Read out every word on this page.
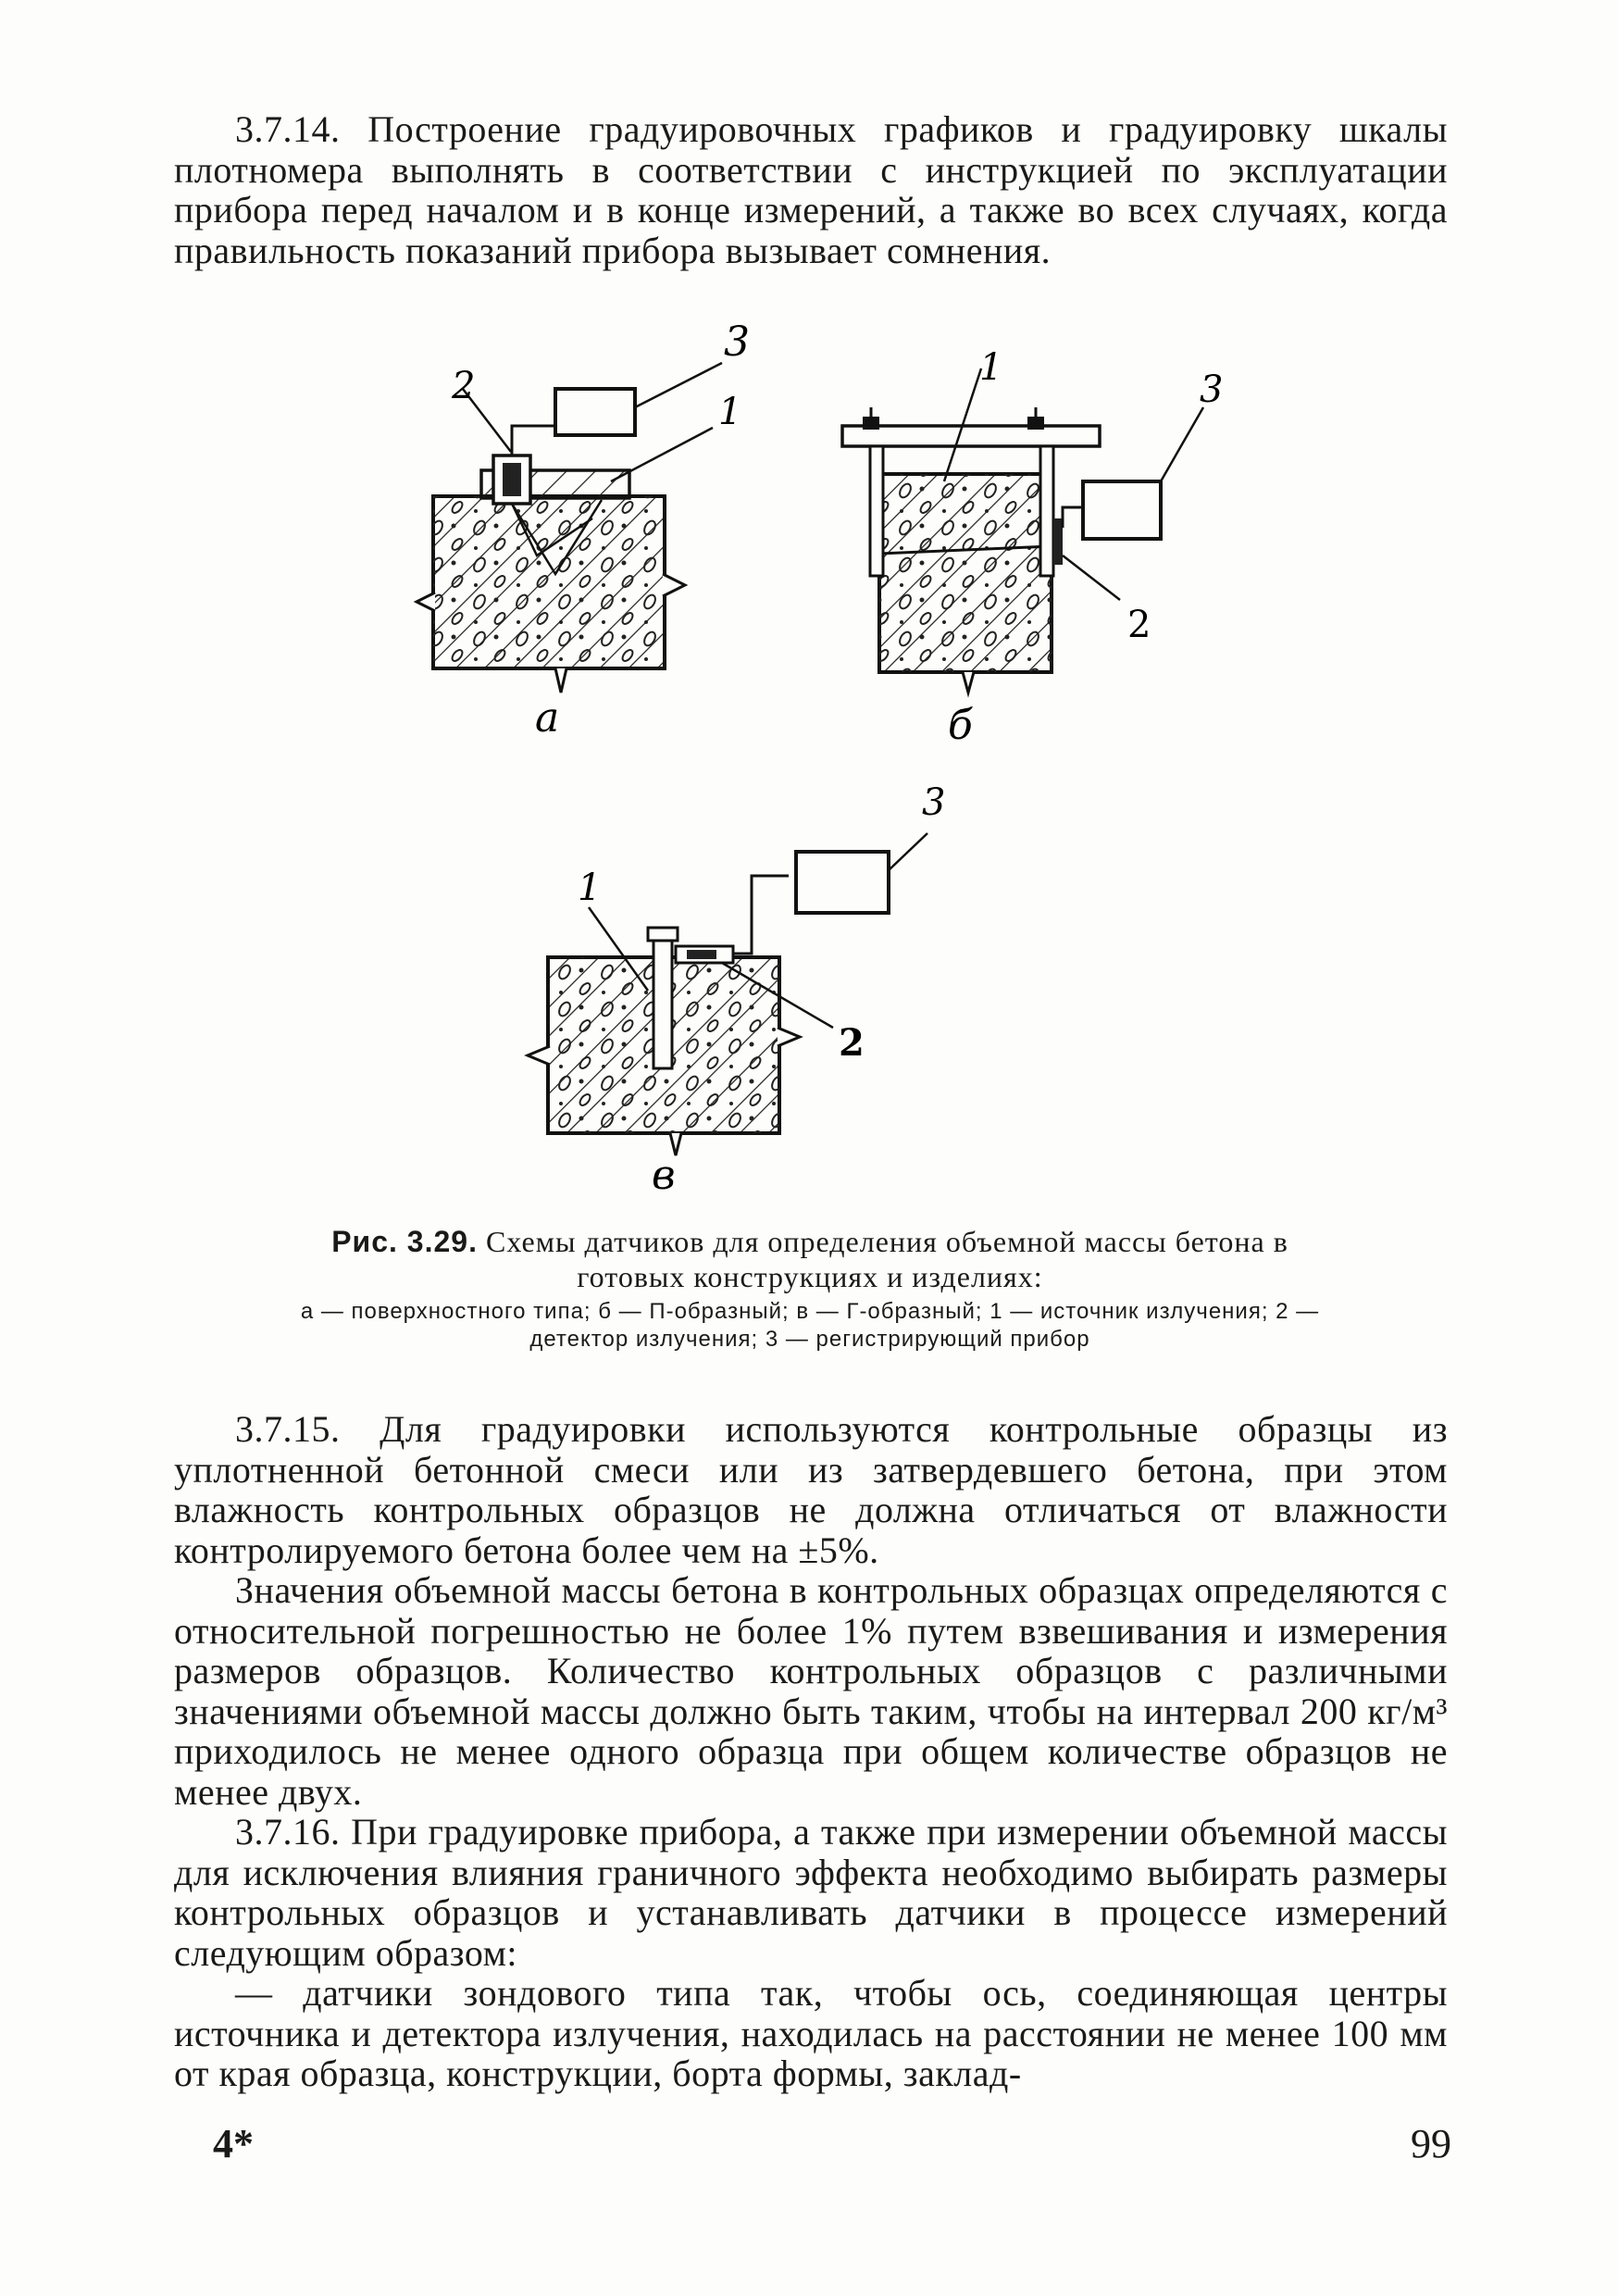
3.7.14. Построение градуировочных графиков и градуировку шкалы плотномера выполнять в соответствии с инструкцией по эксплуатации прибора перед началом и в конце измерений, а также во всех случаях, когда правильность показаний прибора вызывает сомнения.

3
2
1
а
1
3
2
б
3
1
2
в
Рис. 3.29. Схемы датчиков для определения объемной массы бетона в готовых конструкциях и изделиях:
а — поверхностного типа; б — П-образный; в — Г-образный; 1 — источник излучения; 2 — детектор излучения; 3 — регистрирующий прибор

3.7.15. Для градуировки используются контрольные образцы из уплотненной бетонной смеси или из затвердевшего бетона, при этом влажность контрольных образцов не должна отличаться от влажности контролируемого бетона более чем на ±5%.

Значения объемной массы бетона в контрольных образцах определяются с относительной погрешностью не более 1% путем взвешивания и измерения размеров образцов. Количество контрольных образцов с различными значениями объемной массы должно быть таким, чтобы на интервал 200 кг/м³ приходилось не менее одного образца при общем количестве образцов не менее двух.

3.7.16. При градуировке прибора, а также при измерении объемной массы для исключения влияния граничного эффекта необходимо выбирать размеры контрольных образцов и устанавливать датчики в процессе измерений следующим образом:

— датчики зондового типа так, чтобы ось, соединяющая центры источника и детектора излучения, находилась на расстоянии не менее 100 мм от края образца, конструкции, борта формы, заклад-

4*	99
